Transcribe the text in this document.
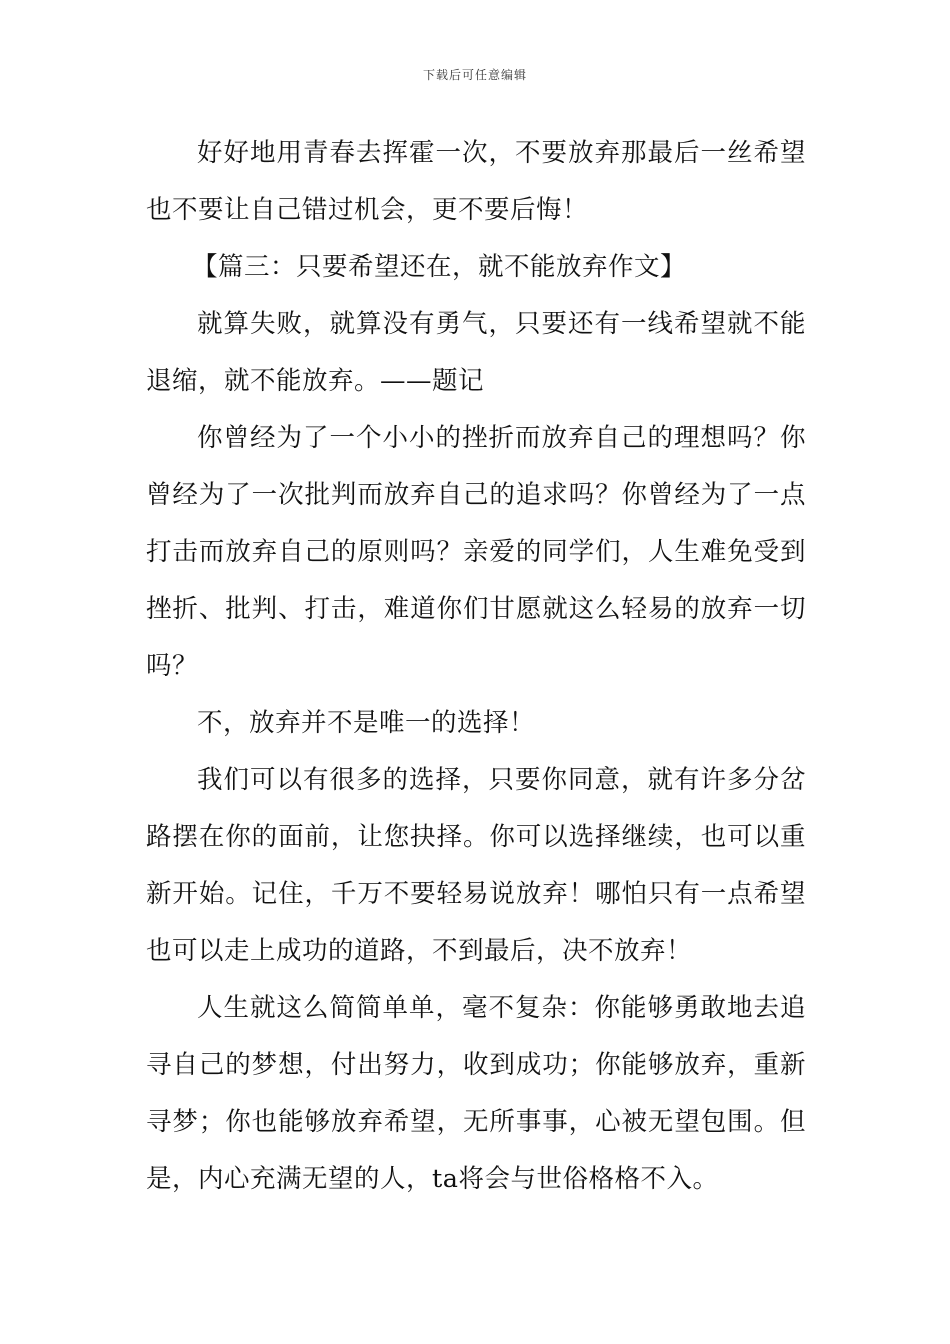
下载后可任意编辑

好好地用青春去挥霍一次，不要放弃那最后一丝希望也不要让自己错过机会，更不要后悔！

【篇三：只要希望还在，就不能放弃作文】

就算失败，就算没有勇气，只要还有一线希望就不能退缩，就不能放弃。——题记

你曾经为了一个小小的挫折而放弃自己的理想吗？你曾经为了一次批判而放弃自己的追求吗？你曾经为了一点打击而放弃自己的原则吗？亲爱的同学们，人生难免受到挫折、批判、打击，难道你们甘愿就这么轻易的放弃一切吗？

不，放弃并不是唯一的选择！

我们可以有很多的选择，只要你同意，就有许多分岔路摆在你的面前，让您抉择。你可以选择继续，也可以重新开始。记住，千万不要轻易说放弃！哪怕只有一点希望也可以走上成功的道路，不到最后，决不放弃！

人生就这么简简单单，毫不复杂：你能够勇敢地去追寻自己的梦想，付出努力，收到成功；你能够放弃，重新寻梦；你也能够放弃希望，无所事事，心被无望包围。但是，内心充满无望的人，ta将会与世俗格格不入。
